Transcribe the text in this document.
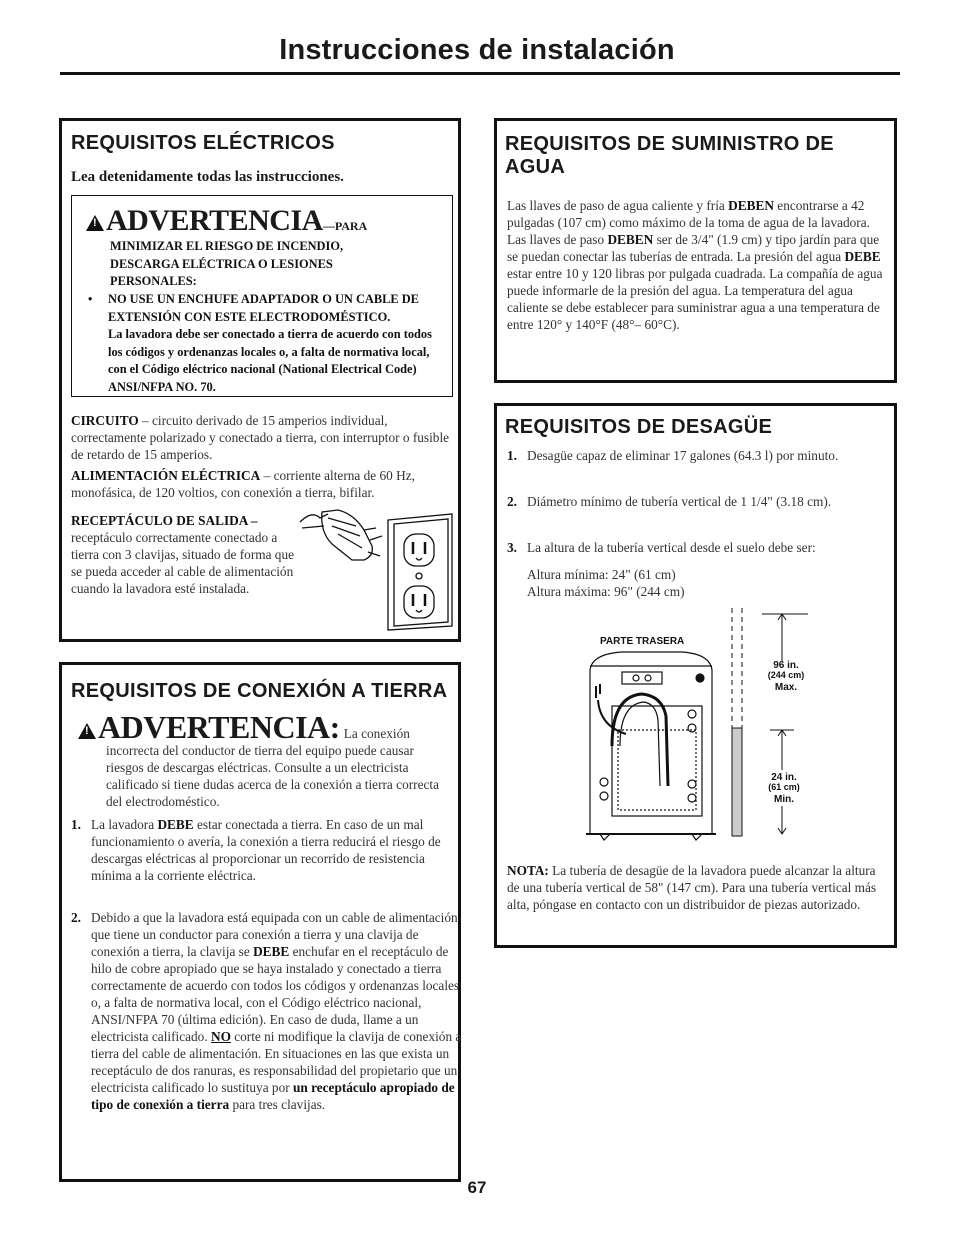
Instrucciones de instalación
REQUISITOS ELÉCTRICOS

Lea detenidamente todas las instrucciones.

!ADVERTENCIA—PARA

MINIMIZAR EL RIESGO DE INCENDIO, DESCARGA ELÉCTRICA O LESIONES PERSONALES:

•	NO USE UN ENCHUFE ADAPTADOR O UN CABLE DE EXTENSIÓN CON ESTE ELECTRODOMÉSTICO.

La lavadora debe ser conectado a tierra de acuerdo con todos los códigos y ordenanzas locales o, a falta de normativa local, con el Código eléctrico nacional (National Electrical Code) ANSI/NFPA NO. 70.

CIRCUITO – circuito derivado de 15 amperios individual, correctamente polarizado y conectado a tierra, con interruptor o fusible de retardo de 15 amperios.

ALIMENTACIÓN ELÉCTRICA – corriente alterna de 60 Hz, monofásica, de 120 voltios, con conexión a tierra, bifilar.

RECEPTÁCULO DE SALIDA –

receptáculo correctamente conectado a tierra con 3 clavijas, situado de forma que se pueda acceder al cable de alimentación cuando la lavadora esté instalada.

REQUISITOS DE CONEXIÓN A TIERRA
!ADVERTENCIA: La conexión

incorrecta del conductor de tierra del equipo puede causar riesgos de descargas eléctricas. Consulte a un electricista calificado si tiene dudas acerca de la conexión a tierra correcta del electrodoméstico.

1. La lavadora DEBE estar conectada a tierra. En caso de un mal funcionamiento o avería, la conexión a tierra reducirá el riesgo de descargas eléctricas al proporcionar un recorrido de resistencia mínima a la corriente eléctrica.
2. Debido a que la lavadora está equipada con un cable de alimentación que tiene un conductor para conexión a tierra y una clavija de conexión a tierra, la clavija se DEBE enchufar en el receptáculo de hilo de cobre apropiado que se haya instalado y conectado a tierra correctamente de acuerdo con todos los códigos y ordenanzas locales o, a falta de normativa local, con el Código eléctrico nacional, ANSI/NFPA 70 (última edición). En caso de duda, llame a un electricista calificado. NO corte ni modifique la clavija de conexión a tierra del cable de alimentación. En situaciones en las que exista un receptáculo de dos ranuras, es responsabilidad del propietario que un electricista calificado lo sustituya por un receptáculo apropiado de tipo de conexión a tierra para tres clavijas.
REQUISITOS DE SUMINISTRO DE AGUA

Las llaves de paso de agua caliente y fría DEBEN encontrarse a 42 pulgadas (107 cm) como máximo de la toma de agua de la lavadora. Las llaves de paso DEBEN ser de 3/4" (1.9 cm) y tipo jardín para que se puedan conectar las tuberías de entrada. La presión del agua DEBE estar entre 10 y 120 libras por pulgada cuadrada. La compañía de agua puede informarle de la presión del agua. La temperatura del agua caliente se debe establecer para suministrar agua a una temperatura de entre 120° y 140°F (48°– 60°C).

REQUISITOS DE DESAGÜE
1. Desagüe capaz de eliminar 17 galones (64.3 l) por minuto.
2. Diámetro mínimo de tubería vertical de 1 1/4" (3.18 cm).
3. La altura de la tubería vertical desde el suelo debe ser:

Altura mínima: 24" (61 cm)

Altura máxima: 96" (244 cm)

PARTE TRASERA
96 in.
(244 cm)
Max.
24 in.
(61 cm)
Min.

NOTA: La tubería de desagüe de la lavadora puede alcanzar la altura de una tubería vertical de 58" (147 cm). Para una tubería vertical más alta, póngase en contacto con un distribuidor de piezas autorizado.

67
